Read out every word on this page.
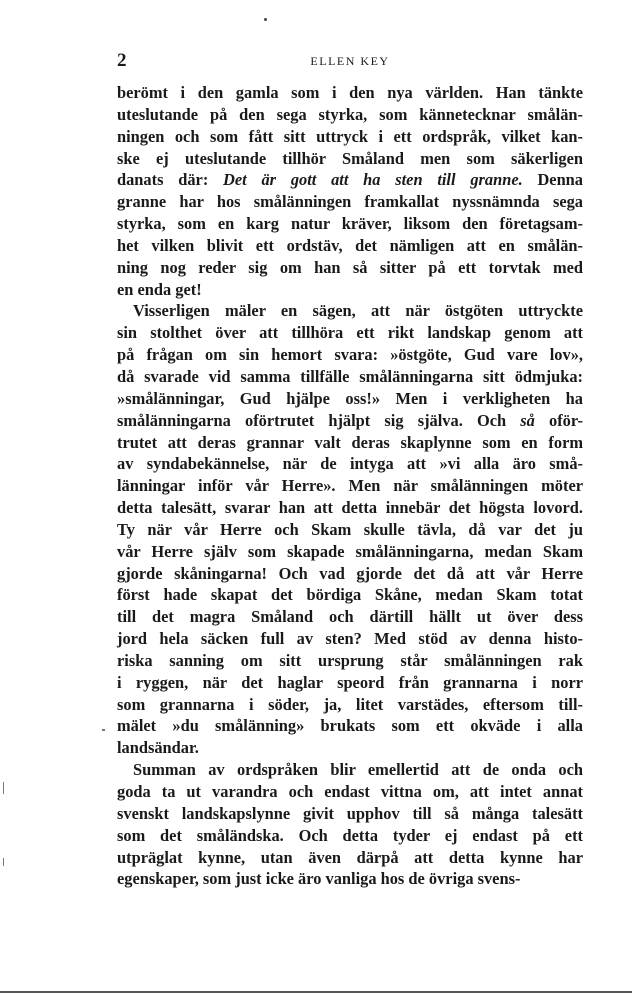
2	ELLEN KEY
berömt i den gamla som i den nya världen. Han tänkte
uteslutande på den sega styrka, som kännetecknar smålän-
ningen och som fått sitt uttryck i ett ordspråk, vilket kan-
ske ej uteslutande tillhör Småland men som säkerligen
danats där: Det är gott att ha sten till granne. Denna
granne har hos smålänningen framkallat nyssnämnda sega
styrka, som en karg natur kräver, liksom den företagsam-
het vilken blivit ett ordstäv, det nämligen att en smålän-
ning nog reder sig om han så sitter på ett torvtak med
en enda get!
Visserligen mäler en sägen, att när östgöten uttryckte
sin stolthet över att tillhöra ett rikt landskap genom att
på frågan om sin hemort svara: »östgöte, Gud vare lov»,
då svarade vid samma tillfälle smålänningarna sitt ödmjuka:
»smålänningar, Gud hjälpe oss!» Men i verkligheten ha
smålänningarna oförtrutet hjälpt sig själva. Och så oför-
trutet att deras grannar valt deras skaplynne som en form
av syndabekännelse, när de intyga att »vi alla äro små-
länningar inför vår Herre». Men när smålänningen möter
detta talesätt, svarar han att detta innebär det högsta lovord.
Ty när vår Herre och Skam skulle tävla, då var det ju
vår Herre själv som skapade smålänningarna, medan Skam
gjorde skåningarna! Och vad gjorde det då att vår Herre
först hade skapat det bördiga Skåne, medan Skam totat
till det magra Småland och därtill hällt ut över dess
jord hela säcken full av sten? Med stöd av denna histo-
riska sanning om sitt ursprung står smålänningen rak
i ryggen, när det haglar speord från grannarna i norr
som grannarna i söder, ja, litet varstädes, eftersom till-
mälet »du smålänning» brukats som ett okväde i alla
landsändar.
Summan av ordspråken blir emellertid att de onda och
goda ta ut varandra och endast vittna om, att intet annat
svenskt landskapslynne givit upphov till så många talesätt
som det småländska. Och detta tyder ej endast på ett
utpräglat kynne, utan även därpå att detta kynne har
egenskaper, som just icke äro vanliga hos de övriga svens-
